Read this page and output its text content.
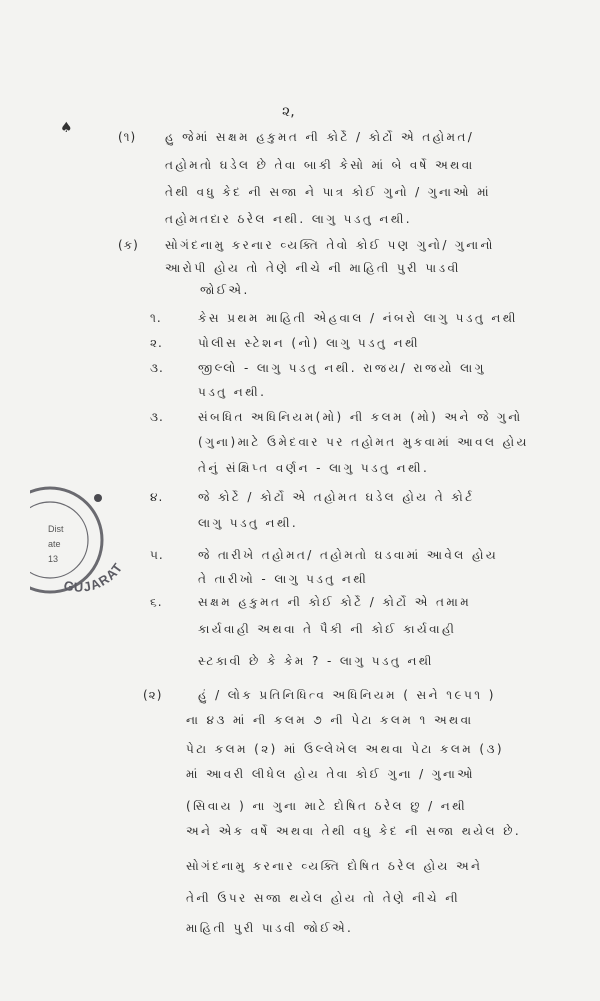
૨,
♠
(૧) હુ જેમાં સક્ષમ હકુમત ની કોર્ટે / કોર્ટો એ તહોમત/
તહોમતો ઘડેલ છે તેવા બાકી કેસો માં બે વર્ષે અથવા
તેથી વધુ કેદ ની સજા ને પાત્ર કોઈ ગુનો / ગુનાઓ માં
તહોમતદાર ઠરેલ નથી. લાગુ પડતુ નથી.
(ક) સોગંદનામુ કરનાર વ્યક્તિ તેવો કોઈ પણ ગુનો/ ગુનાનો
આરોપી હોય તો તેણે નીચે ની માહિતી પુરી પાડવી
જોઈએ.
૧.	કેસ પ્રથમ માહિતી એહવાલ / નંબરો લાગુ પડતુ નથી
૨.	પોલીસ સ્ટેશન (નો) લાગુ પડતુ નથી
૩.	જીલ્લો - લાગુ પડતુ નથી. રાજય/ રાજયો લાગુ
પડતુ નથી.
૩.	સંબધિત અધિનિયમ(મો) ની કલમ (મો) અને જે ગુનો
(ગુના)માટે ઉમેદવાર પર તહોમત મુકવામાં આવલ હોય
તેનું સંક્ષિપ્ત વર્ણન - લાગુ પડતુ નથી.
૪.	જે કોર્ટે / કોર્ટો એ તહોમત ઘડેલ હોય તે કોર્ટ
લાગુ પડતુ નથી.
૫.	જે તારીખે તહોમત/ તહોમતો ઘડવામાં આવેલ હોય
તે તારીખો - લાગુ પડતુ નથી
૬.	સક્ષમ હકુમત ની કોઈ કોર્ટે / કોર્ટો એ તમામ
કાર્યવાહી અથવા તે પૈકી ની કોઈ કાર્યવાહી
સ્ટકાવી છે કે કેમ ? - લાગુ પડતુ નથી
(૨)	હું / લોક પ્રતિનિધિત્વ અધિનિયમ ( સને ૧૯૫૧ )
ના ૪૩ માં ની કલમ ૭ ની પેટા કલમ ૧ અથવા
પેટા કલમ (૨) માં ઉલ્લેખેલ અથવા પેટા કલમ (૩)
માં આવરી લીધેલ હોય તેવા કોઈ ગુના / ગુનાઓ
(સિવાય ) ના ગુના માટે દોષિત ઠરેલ છુ / નથી
અને એક વર્ષે અથવા તેથી વધુ કેદ ની સજા થયેલ છે.
સોગંદનામુ કરનાર વ્યક્તિ દોષિત ઠરેલ હોય અને
તેની ઉપર સજા થયેલ હોય તો તેણે નીચે ની
માહિતી પુરી પાડવી જોઈએ.
GUJARAT
Dist
ate
13
